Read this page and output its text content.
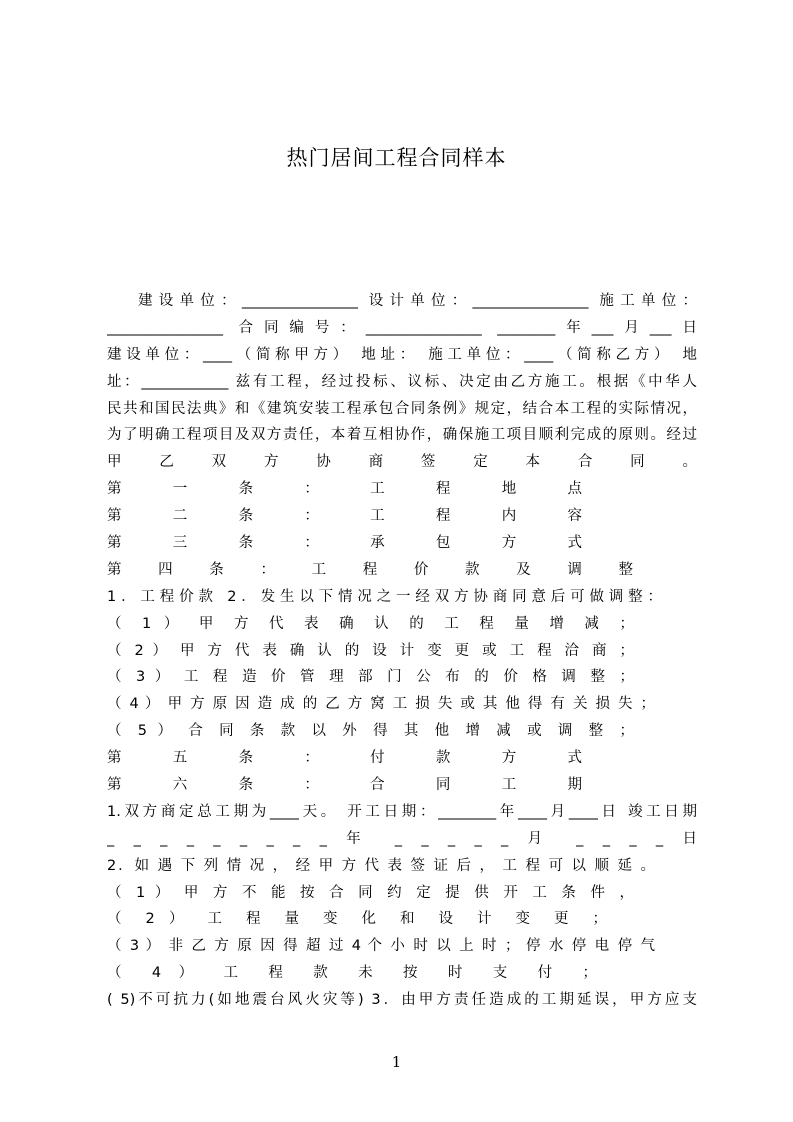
热门居间工程合同样本
建设单位：________________ 设计单位：________________ 施工单位：
________________ 合同编号：________________ ________年___月___日
建设单位：____（简称甲方） 地址： 施工单位：____（简称乙方） 地
址：____________ 兹有工程，经过投标、议标、决定由乙方施工。根据《中华人
民共和国民法典》和《建筑安装工程承包合同条例》规定，结合本工程的实际情况，
为了明确工程项目及双方责任，本着互相协作，确保施工项目顺利完成的原则。经过
甲 乙 双 方 协 商 签 定 本 合 同 。
第 一 条 ： 工 程 地 点
第 二 条 ： 工 程 内 容
第 三 条 ： 承 包 方 式
第 四 条 ： 工 程 价 款 及 调 整
1．工程价款 2．发生以下情况之一经双方协商同意后可做调整：
（ 1 ） 甲 方 代 表 确 认 的 工 程 量 增 减 ；
（ 2 ） 甲 方 代 表 确 认 的 设 计 变 更 或 工 程 洽 商 ；
（ 3 ） 工 程 造 价 管 理 部 门 公 布 的 价 格 调 整 ；
（ 4 ） 甲 方 原 因 造 成 的 乙 方 窝 工 损 失 或 其 他 得 有 关 损 失 ；
（ 5 ） 合 同 条 款 以 外 得 其 他 增 减 或 调 整 ；
第 五 条 ： 付 款 方 式
第 六 条 ： 合 同 工 期
1.双方商定总工期为____天。 开工日期：________年____月____日 竣工日期
_ _ _ _ _ _ _ _ _ 年 _ _ _ _ _ 月 _ _ _ _ 日
2．如 遇 下 列 情 况 ， 经 甲 方 代 表 签 证 后 ， 工 程 可 以 顺 延 。
（ 1 ） 甲 方 不 能 按 合 同 约 定 提 供 开 工 条 件 ，
（ 2 ） 工 程 量 变 化 和 设 计 变 更 ；
（ 3 ） 非 乙 方 原 因 得 超 过 4 个 小 时 以 上 时 ； 停 水 停 电 停 气
（ 4 ） 工 程 款 未 按 时 支 付 ；
( 5)不可抗力(如地震台风火灾等) 3．由甲方责任造成的工期延误，甲方应支
1
